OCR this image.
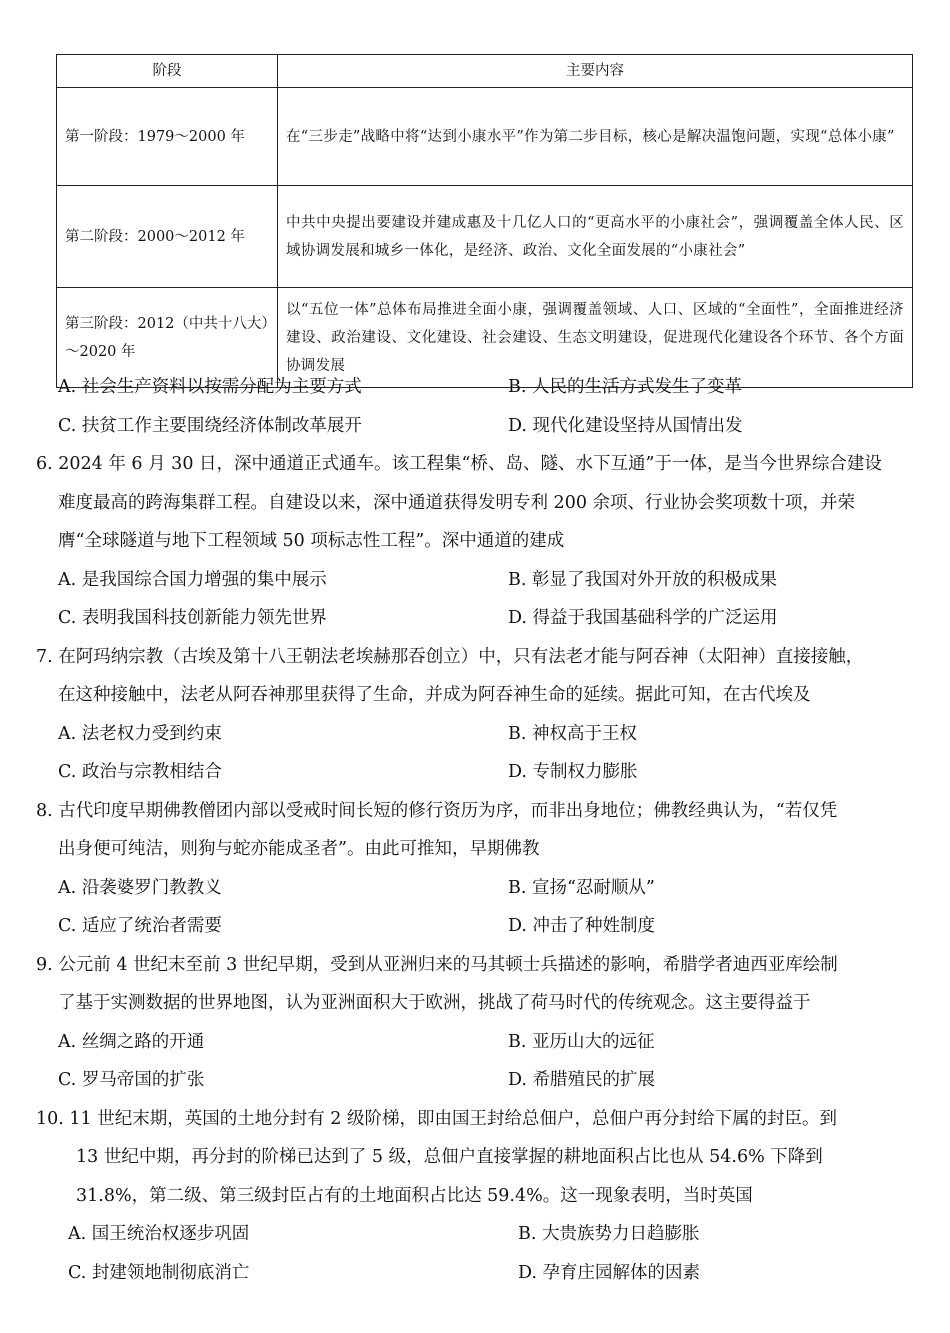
阶段	主要内容
第一阶段：1979～2000 年	在“三步走”战略中将“达到小康水平”作为第二步目标，核心是解决温饱问题，实现“总体小康”
第二阶段：2000～2012 年	中共中央提出要建设并建成惠及十几亿人口的“更高水平的小康社会”，强调覆盖全体人民、区域协调发展和城乡一体化，是经济、政治、文化全面发展的“小康社会”
第三阶段：2012（中共十八大）～2020 年	以“五位一体”总体布局推进全面小康，强调覆盖领域、人口、区域的“全面性”，全面推进经济建设、政治建设、文化建设、社会建设、生态文明建设，促进现代化建设各个环节、各个方面协调发展
A. 社会生产资料以按需分配为主要方式	B. 人民的生活方式发生了变革
C. 扶贫工作主要围绕经济体制改革展开	D. 现代化建设坚持从国情出发
6. 2024 年 6 月 30 日，深中通道正式通车。该工程集“桥、岛、隧、水下互通”于一体，是当今世界综合建设
难度最高的跨海集群工程。自建设以来，深中通道获得发明专利 200 余项、行业协会奖项数十项，并荣
膺“全球隧道与地下工程领域 50 项标志性工程”。深中通道的建成
A. 是我国综合国力增强的集中展示	B. 彰显了我国对外开放的积极成果
C. 表明我国科技创新能力领先世界	D. 得益于我国基础科学的广泛运用
7. 在阿玛纳宗教（古埃及第十八王朝法老埃赫那吞创立）中，只有法老才能与阿吞神（太阳神）直接接触，
在这种接触中，法老从阿吞神那里获得了生命，并成为阿吞神生命的延续。据此可知，在古代埃及
A. 法老权力受到约束	B. 神权高于王权
C. 政治与宗教相结合	D. 专制权力膨胀
8. 古代印度早期佛教僧团内部以受戒时间长短的修行资历为序，而非出身地位；佛教经典认为，“若仅凭
出身便可纯洁，则狗与蛇亦能成圣者”。由此可推知，早期佛教
A. 沿袭婆罗门教教义	B. 宣扬“忍耐顺从”
C. 适应了统治者需要	D. 冲击了种姓制度
9. 公元前 4 世纪末至前 3 世纪早期，受到从亚洲归来的马其顿士兵描述的影响，希腊学者迪西亚库绘制
了基于实测数据的世界地图，认为亚洲面积大于欧洲，挑战了荷马时代的传统观念。这主要得益于
A. 丝绸之路的开通	B. 亚历山大的远征
C. 罗马帝国的扩张	D. 希腊殖民的扩展
10. 11 世纪末期，英国的土地分封有 2 级阶梯，即由国王封给总佃户，总佃户再分封给下属的封臣。到
13 世纪中期，再分封的阶梯已达到了 5 级，总佃户直接掌握的耕地面积占比也从 54.6% 下降到
31.8%，第二级、第三级封臣占有的土地面积占比达 59.4%。这一现象表明，当时英国
A. 国王统治权逐步巩固	B. 大贵族势力日趋膨胀
C. 封建领地制彻底消亡	D. 孕育庄园解体的因素
